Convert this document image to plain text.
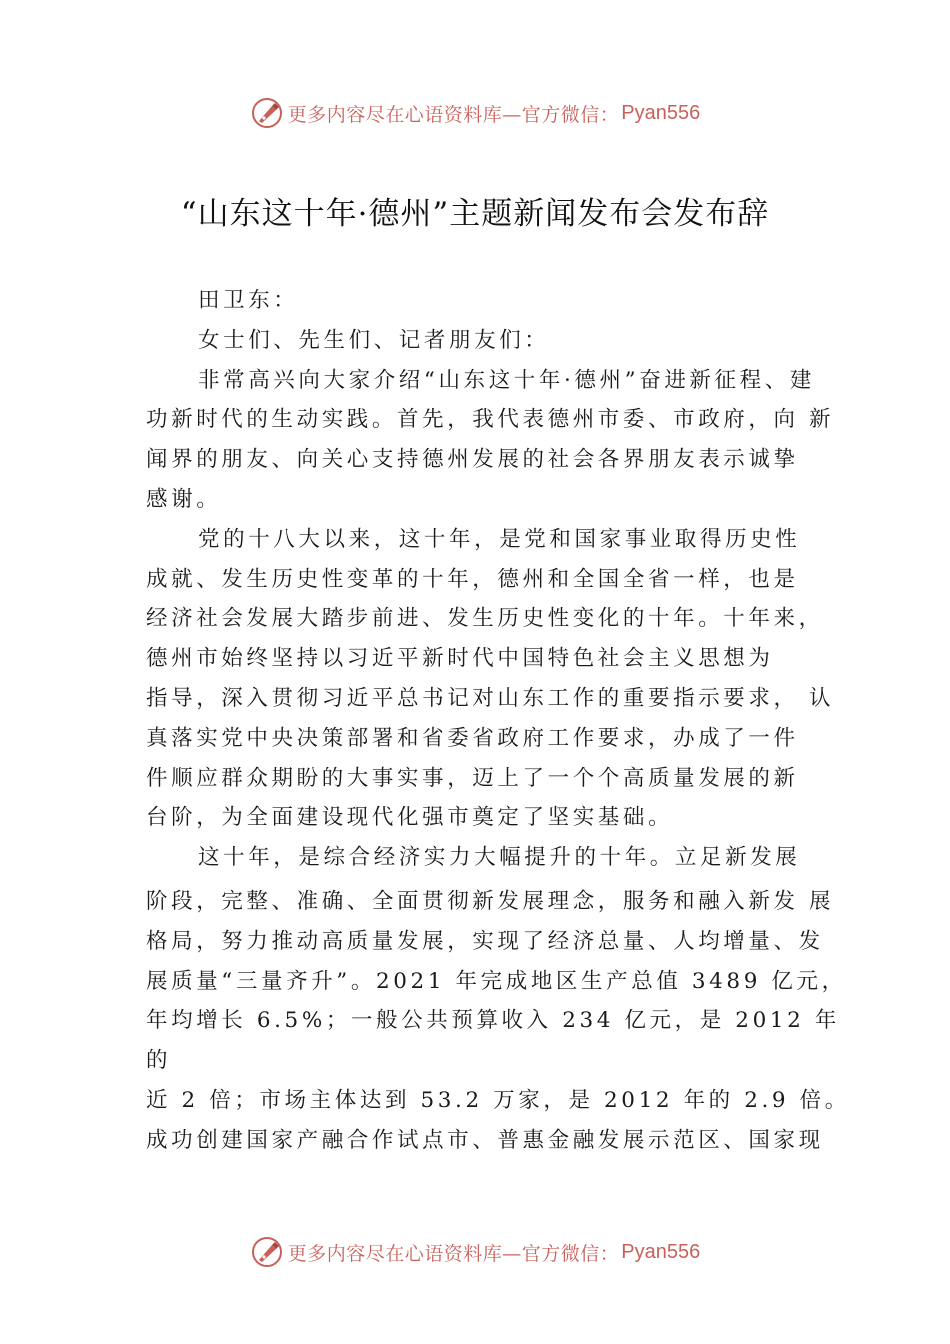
更多内容尽在心语资料库—官方微信： Pyan556
“山东这十年·德州”主题新闻发布会发布辞
田卫东：
女士们、先生们、记者朋友们：
非常高兴向大家介绍“山东这十年·德州”奋进新征程、建
功新时代的生动实践。首先，我代表德州市委、市政府，向 新
闻界的朋友、向关心支持德州发展的社会各界朋友表示诚挚
感谢。
党的十八大以来，这十年，是党和国家事业取得历史性
成就、发生历史性变革的十年，德州和全国全省一样，也是
经济社会发展大踏步前进、发生历史性变化的十年。十年来，
德州市始终坚持以习近平新时代中国特色社会主义思想为
指导，深入贯彻习近平总书记对山东工作的重要指示要求， 认
真落实党中央决策部署和省委省政府工作要求，办成了一件
件顺应群众期盼的大事实事，迈上了一个个高质量发展的新
台阶，为全面建设现代化强市奠定了坚实基础。
这十年，是综合经济实力大幅提升的十年。立足新发展
阶段，完整、准确、全面贯彻新发展理念，服务和融入新发 展
格局，努力推动高质量发展，实现了经济总量、人均增量、发
展质量“三量齐升”。2021 年完成地区生产总值 3489 亿元，
年均增长 6.5%；一般公共预算收入 234 亿元，是 2012 年
的
近 2 倍；市场主体达到 53.2 万家，是 2012 年的 2.9 倍。
成功创建国家产融合作试点市、普惠金融发展示范区、国家现
更多内容尽在心语资料库—官方微信： Pyan556
